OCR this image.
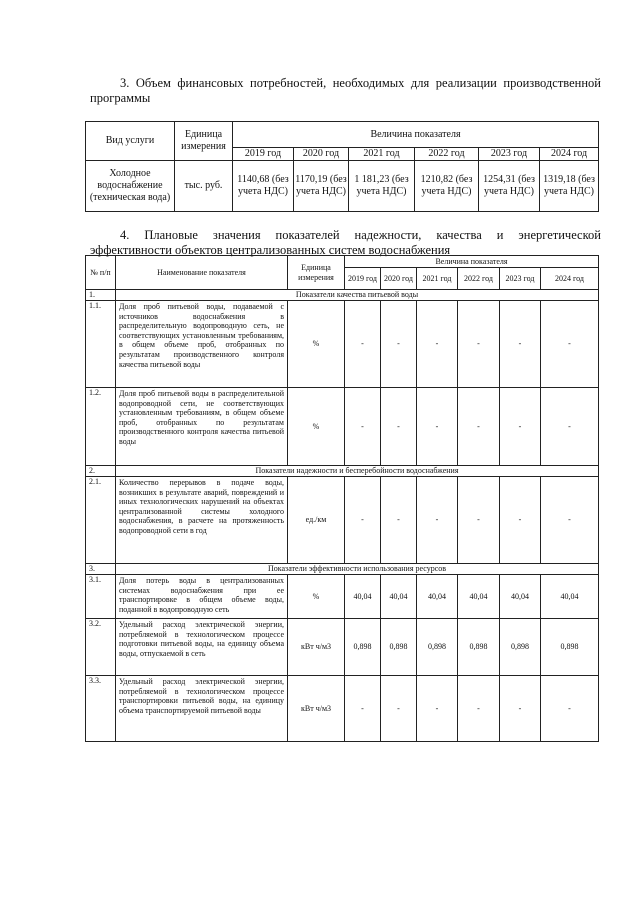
3. Объем финансовых потребностей, необходимых для реализации производственной программы
Вид услуги	Единица измерения	Величина показателя					
		2019 год	2020 год	2021 год	2022 год	2023 год	2024 год
Холодное водоснабжение (техническая вода)	тыс. руб.	1140,68 (без учета НДС)	1170,19 (без учета НДС)	1 181,23 (без учета НДС)	1210,82 (без учета НДС)	1254,31 (без учета НДС)	1319,18 (без учета НДС)
4. Плановые значения показателей надежности, качества и энергетической эффективности объектов централизованных систем водоснабжения
№ п/п	Наименование показателя	Единица измерения	Величина показателя					
			2019 год	2020 год	2021 год	2022 год	2023 год	2024 год
1.	Показатели качества питьевой воды							
1.1.	Доля проб питьевой воды, подаваемой с источников водоснабжения в распределительную водопроводную сеть, не соответствующих установленным требованиям, в общем объеме проб, отобранных по результатам производственного контроля качества питьевой воды	%	-	-	-	-	-	-
1.2.	Доля проб питьевой воды в распределительной водопроводной сети, не соответствующих установленным требованиям, в общем объеме проб, отобранных по результатам производственного контроля качества питьевой воды	%	-	-	-	-	-	-
2.	Показатели надежности и бесперебойности водоснабжения							
2.1.	Количество перерывов в подаче воды, возникших в результате аварий, повреждений и иных технологических нарушений на объектах централизованной системы холодного водоснабжения, в расчете на протяженность водопроводной сети в год	ед./км	-	-	-	-	-	-
3.	Показатели эффективности использования ресурсов							
3.1.	Доля потерь воды в централизованных системах водоснабжения при ее транспортировке в общем объеме воды, поданной в водопроводную сеть	%	40,04	40,04	40,04	40,04	40,04	40,04
3.2.	Удельный расход электрической энергии, потребляемой в технологическом процессе подготовки питьевой воды, на единицу объема воды, отпускаемой в сеть	кВт ч/м3	0,898	0,898	0,898	0,898	0,898	0,898
3.3.	Удельный расход электрической энергии, потребляемой в технологическом процессе транспортировки питьевой воды, на единицу объема транспортируемой питьевой воды	кВт ч/м3	-	-	-	-	-	-
